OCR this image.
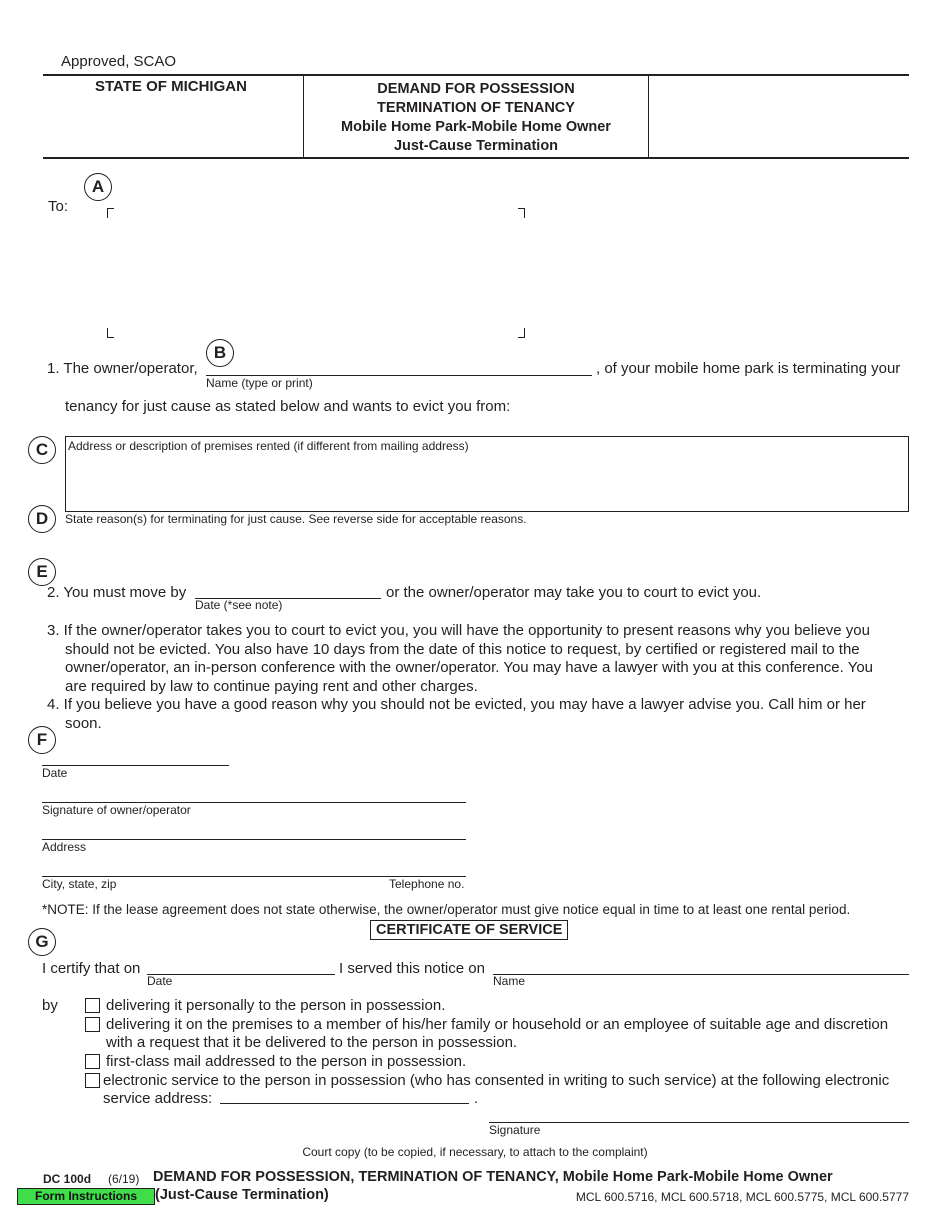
Approved, SCAO
STATE OF MICHIGAN	DEMAND FOR POSSESSION
TERMINATION OF TENANCY
Mobile Home Park-Mobile Home Owner
Just-Cause Termination
A
To:
B
1. The owner/operator,
Name (type or print)
, of your mobile home park is terminating your
tenancy for just cause as stated below and wants to evict you from:
C	Address or description of premises rented (if different from mailing address)
D	State reason(s) for terminating for just cause. See reverse side for acceptable reasons.
E
2. You must move by
Date (*see note)
or the owner/operator may take you to court to evict you.
3. If the owner/operator takes you to court to evict you, you will have the opportunity to present reasons why you believe you
should not be evicted. You also have 10 days from the date of this notice to request, by certified or registered mail to the
owner/operator, an in-person conference with the owner/operator. You may have a lawyer with you at this conference. You
are required by law to continue paying rent and other charges.
4. If you believe you have a good reason why you should not be evicted, you may have a lawyer advise you. Call him or her
soon.
F
Date
Signature of owner/operator
Address
City, state, zip	Telephone no.
*NOTE: If the lease agreement does not state otherwise, the owner/operator must give notice equal in time to at least one rental period.
G
CERTIFICATE OF SERVICE
I certify that on
Date
I served this notice on
Name
by	delivering it personally to the person in possession.
delivering it on the premises to a member of his/her family or household or an employee of suitable age and discretion
with a request that it be delivered to the person in possession.
first-class mail addressed to the person in possession.
electronic service to the person in possession (who has consented in writing to such service) at the following electronic
service address:	.
Signature
Court copy (to be copied, if necessary, to attach to the complaint)
DC 100d (6/19) DEMAND FOR POSSESSION, TERMINATION OF TENANCY, Mobile Home Park-Mobile Home Owner
Form Instructions	(Just-Cause Termination)	MCL 600.5716, MCL 600.5718, MCL 600.5775, MCL 600.5777
